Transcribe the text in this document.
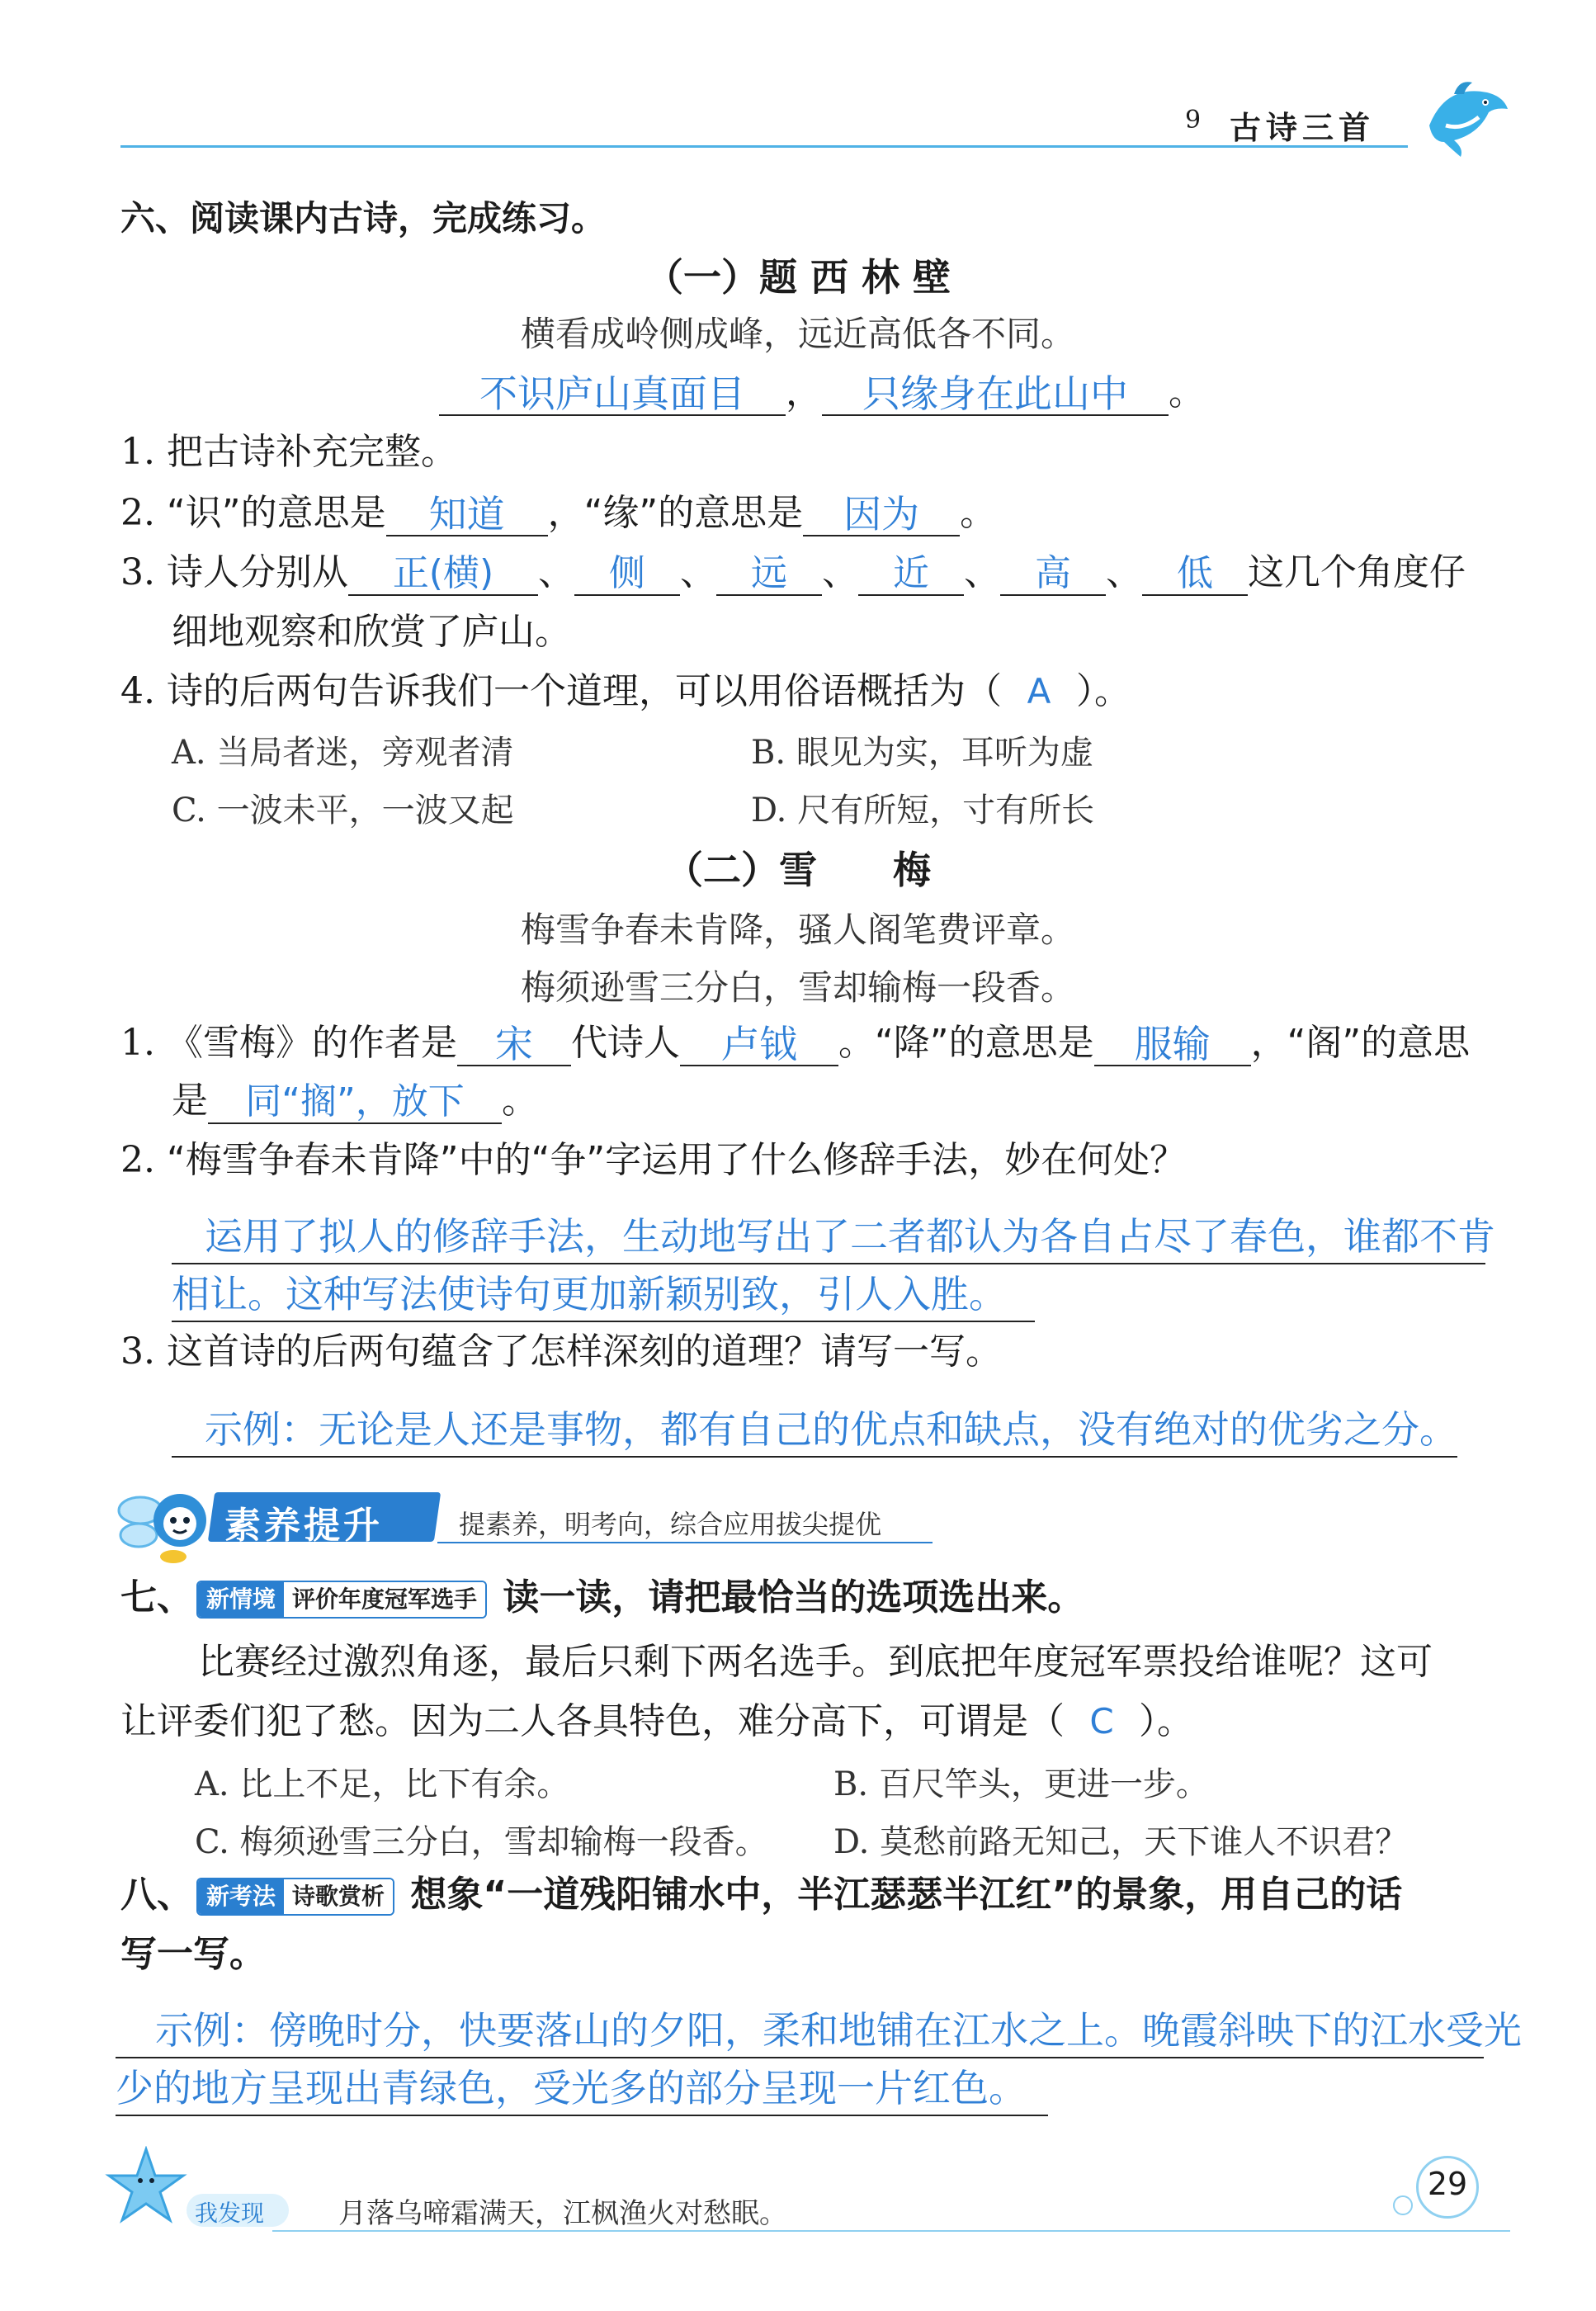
9 古诗三首
六、阅读课内古诗，完成练习。
（一）题 西 林 壁
横看成岭侧成峰，远近高低各不同。
不识庐山真面目 ， 只缘身在此山中 。
1. 把古诗补充完整。
2. “识”的意思是 知道 ，“缘”的意思是 因为 。
3. 诗人分别从 正(横) 、 侧 、 远 、 近 、 高 、 低 这几个角度仔
细地观察和欣赏了庐山。
4. 诗的后两句告诉我们一个道理，可以用俗语概括为（ A ）。
A. 当局者迷，旁观者清	B. 眼见为实，耳听为虚
C. 一波未平，一波又起	D. 尺有所短，寸有所长
（二）雪　　梅
梅雪争春未肯降，骚人阁笔费评章。
梅须逊雪三分白，雪却输梅一段香。
1. 《雪梅》的作者是 宋 代诗人 卢钺 。“降”的意思是 服输 ，“阁”的意思
是 同“搁”，放下 。
2. “梅雪争春未肯降”中的“争”字运用了什么修辞手法，妙在何处？
运用了拟人的修辞手法，生动地写出了二者都认为各自占尽了春色，谁都不肯
相让。这种写法使诗句更加新颖别致，引人入胜。
3. 这首诗的后两句蕴含了怎样深刻的道理？请写一写。
示例：无论是人还是事物，都有自己的优点和缺点，没有绝对的优劣之分。
素养提升	提素养，明考向，综合应用拔尖提优
七、 新情境 评价年度冠军选手 读一读，请把最恰当的选项选出来。
比赛经过激烈角逐，最后只剩下两名选手。到底把年度冠军票投给谁呢？这可
让评委们犯了愁。因为二人各具特色，难分高下，可谓是（ C ）。
A. 比上不足，比下有余。	B. 百尺竿头，更进一步。
C. 梅须逊雪三分白，雪却输梅一段香。 D. 莫愁前路无知己，天下谁人不识君？
八、 新考法 诗歌赏析 想象“一道残阳铺水中，半江瑟瑟半江红”的景象，用自己的话
写一写。
示例：傍晚时分，快要落山的夕阳，柔和地铺在江水之上。晚霞斜映下的江水受光
少的地方呈现出青绿色，受光多的部分呈现一片红色。
我发现	月落乌啼霜满天，江枫渔火对愁眠。
29
